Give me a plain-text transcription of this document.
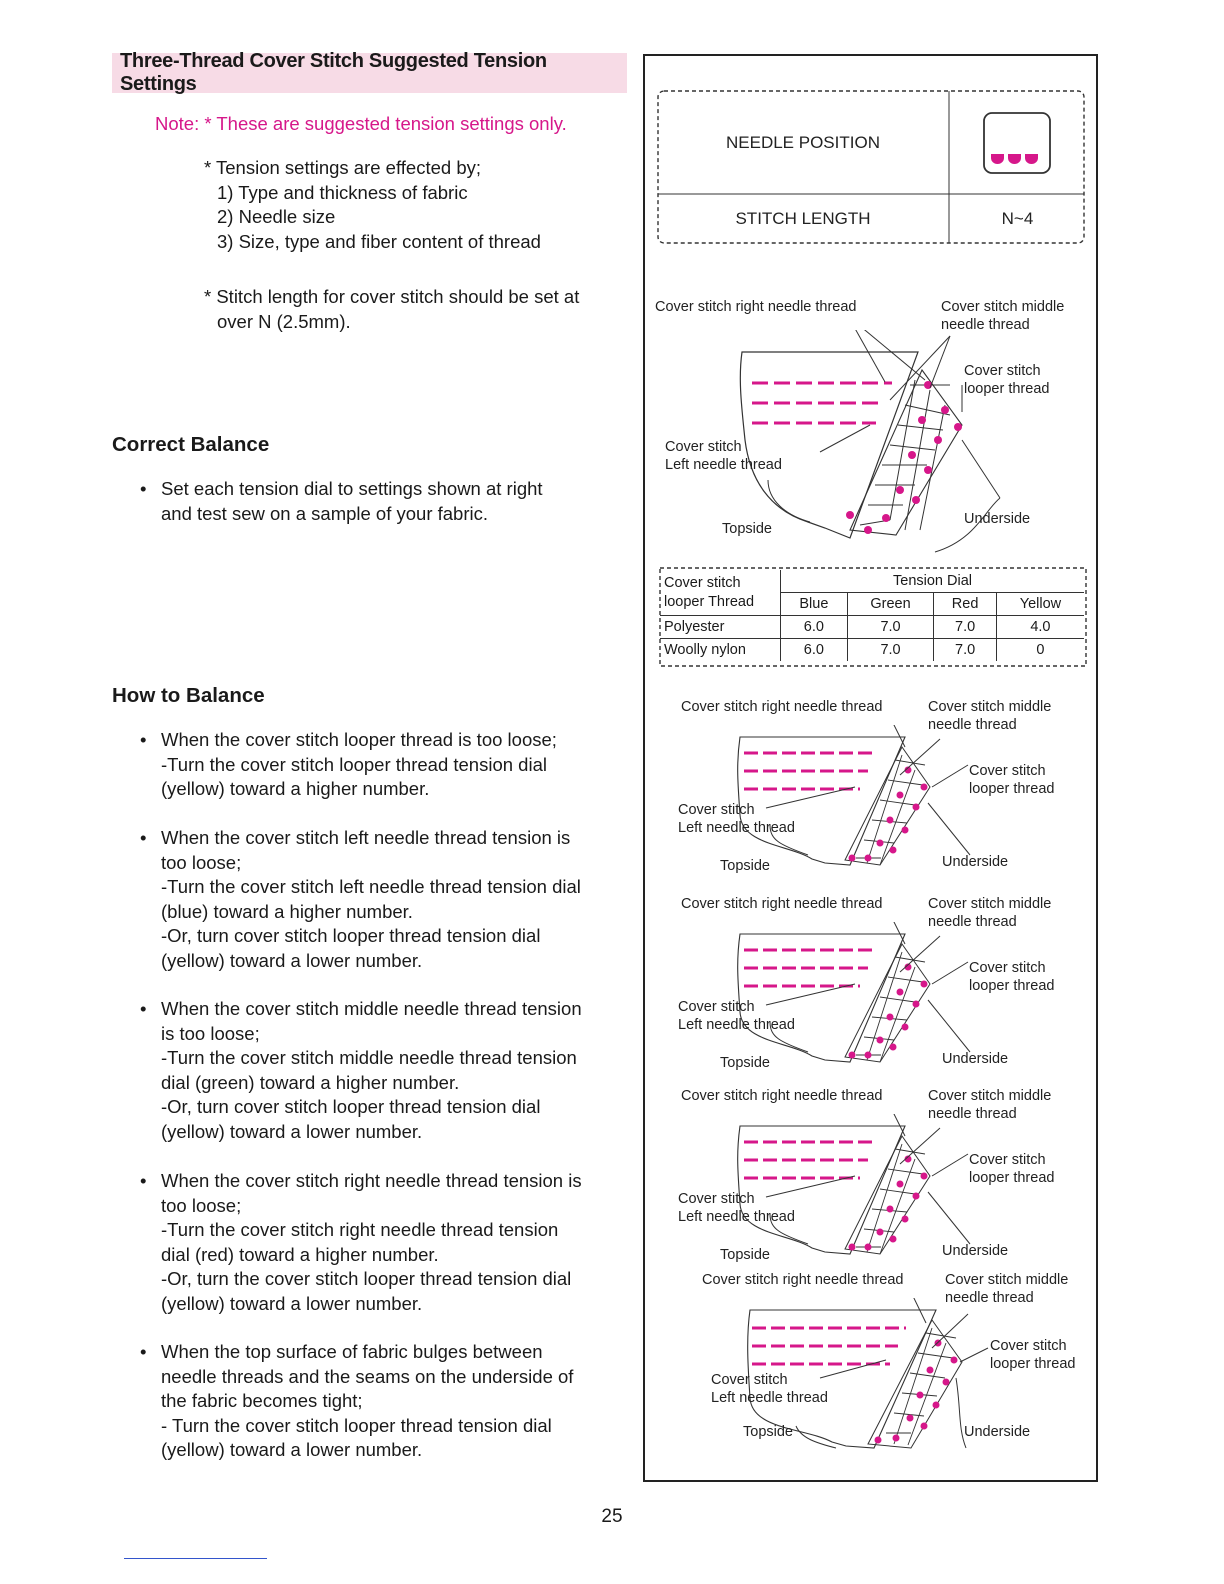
Three-Thread Cover Stitch Suggested Tension Settings
Note: * These are suggested tension settings only.
* Tension settings are effected by;
1) Type and thickness of fabric
2) Needle size
3) Size, type and fiber content of thread
* Stitch length for cover stitch should be set at
over N (2.5mm).
Correct Balance
• Set each tension dial to settings shown at right
and test sew on a sample of your fabric.
How to Balance
• When the cover stitch looper thread is too loose;
-Turn the cover stitch looper thread tension dial
(yellow) toward a higher number.
• When the cover stitch left needle thread tension is
too loose;
-Turn the cover stitch left needle thread tension dial
(blue) toward a higher number.
-Or, turn cover stitch looper thread tension dial
(yellow) toward a lower number.
• When the cover stitch middle needle thread tension
is too loose;
-Turn the cover stitch middle needle thread tension
dial (green) toward a higher number.
-Or, turn cover stitch looper thread tension dial
(yellow) toward a lower number.
• When the cover stitch right needle thread tension is
too loose;
-Turn the cover stitch right needle thread tension
dial (red) toward a higher number.
-Or, turn the cover stitch looper thread tension dial
(yellow) toward a lower number.
• When the top surface of fabric bulges between
needle threads and the seams on the underside of
the fabric becomes tight;
- Turn the cover stitch looper thread tension dial
(yellow) toward a lower number.
NEEDLE POSITION
STITCH LENGTH	N~4
Cover stitch right needle thread	Cover stitch middle
needle thread
Cover stitch
looper thread
Cover stitch
Left needle thread
Topside
Underside
Cover stitch
looper Thread	Tension Dial			
	Blue	Green	Red	Yellow
Polyester	6.0	7.0	7.0	4.0
Woolly nylon	6.0	7.0	7.0	0
Cover stitch right needle thread	Cover stitch middle
needle thread
Cover stitch
looper thread
Cover stitch
Left needle thread
Topside	Underside
Cover stitch right needle thread	Cover stitch middle
needle thread
Cover stitch
looper thread
Cover stitch
Left needle thread
Topside	Underside
Cover stitch right needle thread	Cover stitch middle
needle thread
Cover stitch
looper thread
Cover stitch
Left needle thread
Topside	Underside
Cover stitch right needle thread	Cover stitch middle
needle thread
Cover stitch
looper thread
Cover stitch
Left needle thread
Topside	Underside
25
